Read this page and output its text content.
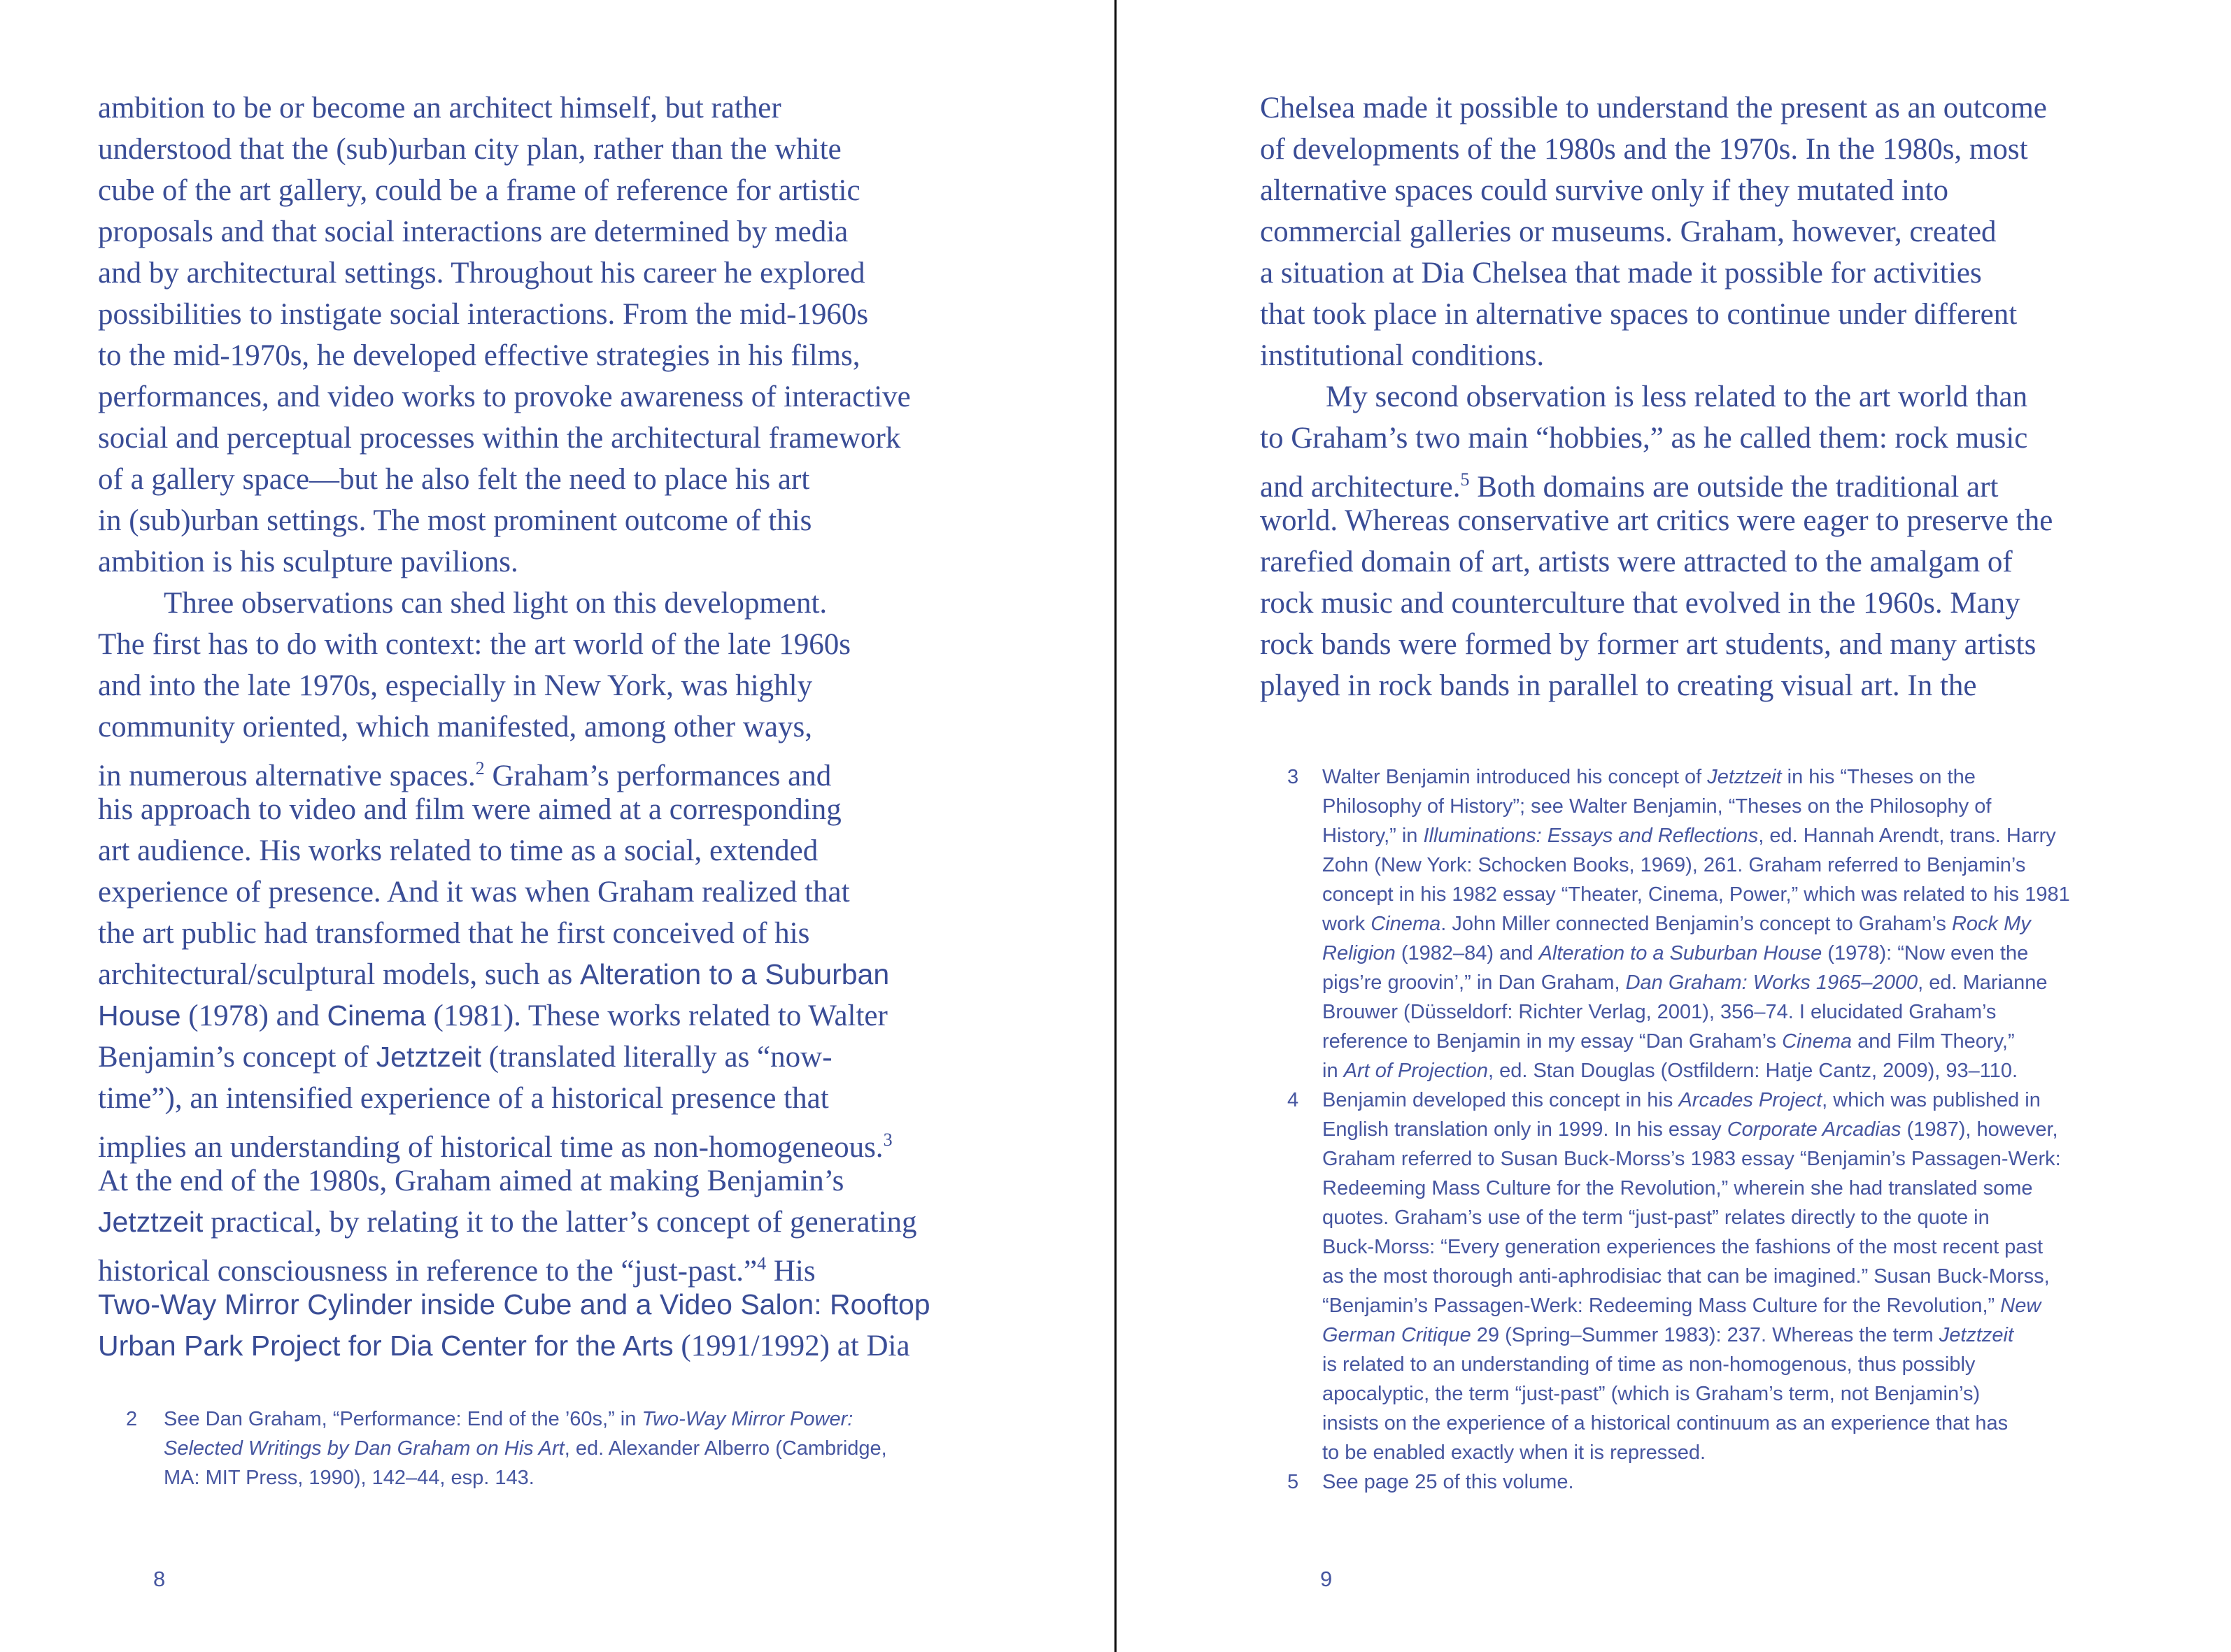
ambition to be or become an architect himself, but rather
understood that the (sub)urban city plan, rather than the white
cube of the art gallery, could be a frame of reference for artistic
proposals and that social interactions are determined by media
and by architectural settings. Throughout his career he explored
possibilities to instigate social interactions. From the mid-1960s
to the mid-1970s, he developed effective strategies in his films,
performances, and video works to provoke awareness of interactive
social and perceptual processes within the architectural framework
of a gallery space—but he also felt the need to place his art
in (sub)urban settings. The most prominent outcome of this
ambition is his sculpture pavilions.
Three observations can shed light on this development.
The first has to do with context: the art world of the late 1960s
and into the late 1970s, especially in New York, was highly
community oriented, which manifested, among other ways,
in numerous alternative spaces.$^2$ Graham’s performances and
his approach to video and film were aimed at a corresponding
art audience. His works related to time as a social, extended
experience of presence. And it was when Graham realized that
the art public had transformed that he first conceived of his
architectural/sculptural models, such as Alteration to a Suburban
House (1978) and Cinema (1981). These works related to Walter
Benjamin’s concept of Jetztzeit (translated literally as “now-
time”), an intensified experience of a historical presence that
implies an understanding of historical time as non-homogeneous.$^3$
At the end of the 1980s, Graham aimed at making Benjamin’s
Jetztzeit practical, by relating it to the latter’s concept of generating
historical consciousness in reference to the “just-past.”$^4$ His
Two-Way Mirror Cylinder inside Cube and a Video Salon: Rooftop
Urban Park Project for Dia Center for the Arts (1991/1992) at Dia
2	See Dan Graham, “Performance: End of the ’60s,” in Two-Way Mirror Power:
Selected Writings by Dan Graham on His Art, ed. Alexander Alberro (Cambridge,
MA: MIT Press, 1990), 142–44, esp. 143.
8
Chelsea made it possible to understand the present as an outcome
of developments of the 1980s and the 1970s. In the 1980s, most
alternative spaces could survive only if they mutated into
commercial galleries or museums. Graham, however, created
a situation at Dia Chelsea that made it possible for activities
that took place in alternative spaces to continue under different
institutional conditions.
My second observation is less related to the art world than
to Graham’s two main “hobbies,” as he called them: rock music
and architecture.$^5$ Both domains are outside the traditional art
world. Whereas conservative art critics were eager to preserve the
rarefied domain of art, artists were attracted to the amalgam of
rock music and counterculture that evolved in the 1960s. Many
rock bands were formed by former art students, and many artists
played in rock bands in parallel to creating visual art. In the
3	Walter Benjamin introduced his concept of Jetztzeit in his “Theses on the
Philosophy of History”; see Walter Benjamin, “Theses on the Philosophy of
History,” in Illuminations: Essays and Reflections, ed. Hannah Arendt, trans. Harry
Zohn (New York: Schocken Books, 1969), 261. Graham referred to Benjamin’s
concept in his 1982 essay “Theater, Cinema, Power,” which was related to his 1981
work Cinema. John Miller connected Benjamin’s concept to Graham’s Rock My
Religion (1982–84) and Alteration to a Suburban House (1978): “Now even the
pigs’re groovin’,” in Dan Graham, Dan Graham: Works 1965–2000, ed. Marianne
Brouwer (Düsseldorf: Richter Verlag, 2001), 356–74. I elucidated Graham’s
reference to Benjamin in my essay “Dan Graham’s Cinema and Film Theory,”
in Art of Projection, ed. Stan Douglas (Ostfildern: Hatje Cantz, 2009), 93–110.
4	Benjamin developed this concept in his Arcades Project, which was published in
English translation only in 1999. In his essay Corporate Arcadias (1987), however,
Graham referred to Susan Buck-Morss’s 1983 essay “Benjamin’s Passagen-Werk:
Redeeming Mass Culture for the Revolution,” wherein she had translated some
quotes. Graham’s use of the term “just-past” relates directly to the quote in
Buck-Morss: “Every generation experiences the fashions of the most recent past
as the most thorough anti-aphrodisiac that can be imagined.” Susan Buck-Morss,
“Benjamin’s Passagen-Werk: Redeeming Mass Culture for the Revolution,” New
German Critique 29 (Spring–Summer 1983): 237. Whereas the term Jetztzeit
is related to an understanding of time as non-homogenous, thus possibly
apocalyptic, the term “just-past” (which is Graham’s term, not Benjamin’s)
insists on the experience of a historical continuum as an experience that has
to be enabled exactly when it is repressed.
5	See page 25 of this volume.
9
